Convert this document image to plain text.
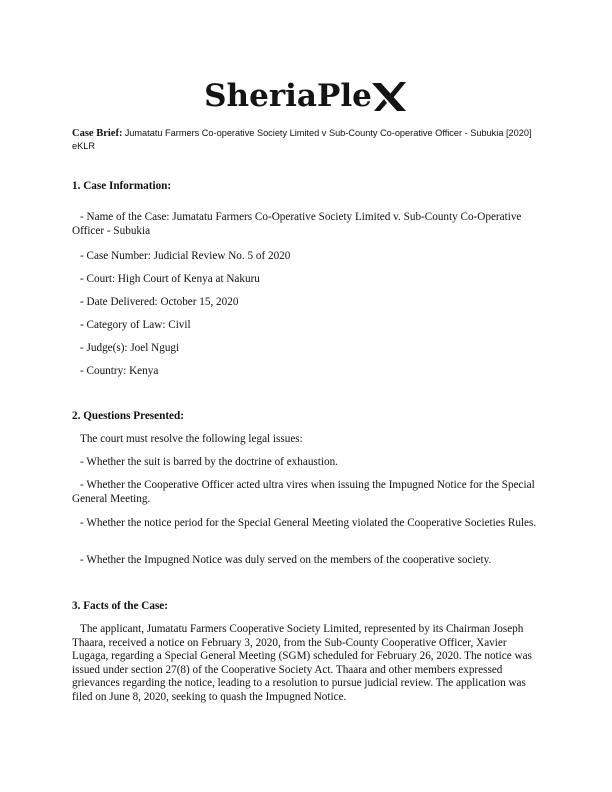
SheriaPle
Case Brief: Jumatatu Farmers Co-operative Society Limited v Sub-County Co-operative Officer - Subukia [2020] eKLR

1. Case Information:

- Name of the Case: Jumatatu Farmers Co-Operative Society Limited v. Sub-County Co-Operative Officer - Subukia

- Case Number: Judicial Review No. 5 of 2020

- Court: High Court of Kenya at Nakuru

- Date Delivered: October 15, 2020

- Category of Law: Civil

- Judge(s): Joel Ngugi

- Country: Kenya

2. Questions Presented:

The court must resolve the following legal issues:

- Whether the suit is barred by the doctrine of exhaustion.

- Whether the Cooperative Officer acted ultra vires when issuing the Impugned Notice for the Special General Meeting.

- Whether the notice period for the Special General Meeting violated the Cooperative Societies Rules.

- Whether the Impugned Notice was duly served on the members of the cooperative society.

3. Facts of the Case:

The applicant, Jumatatu Farmers Cooperative Society Limited, represented by its Chairman Joseph Thaara, received a notice on February 3, 2020, from the Sub-County Cooperative Officer, Xavier Lugaga, regarding a Special General Meeting (SGM) scheduled for February 26, 2020. The notice was issued under section 27(8) of the Cooperative Society Act. Thaara and other members expressed grievances regarding the notice, leading to a resolution to pursue judicial review. The application was filed on June 8, 2020, seeking to quash the Impugned Notice.
